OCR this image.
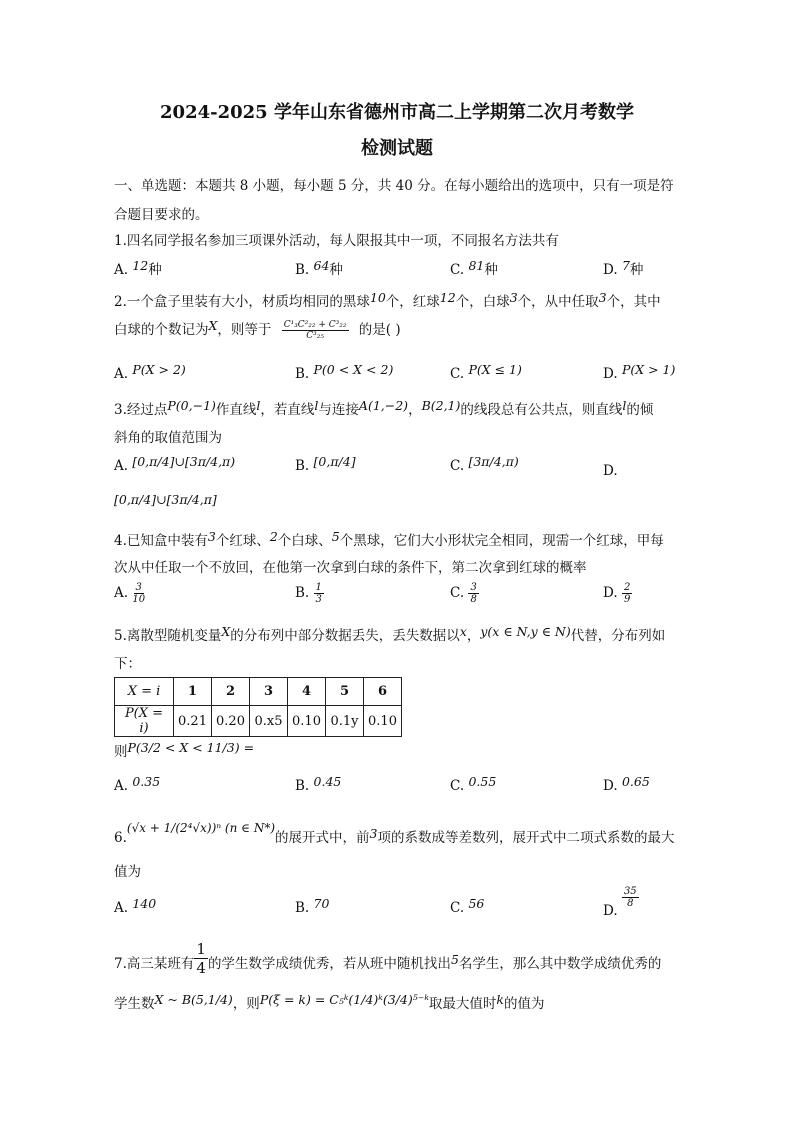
2024-2025 学年山东省德州市高二上学期第二次月考数学
检测试题
一、单选题：本题共 8 小题，每小题 5 分，共 40 分。在每小题给出的选项中，只有一项是符
合题目要求的。
1.四名同学报名参加三项课外活动，每人限报其中一项，不同报名方法共有
A. 12种	B. 64种	C. 81种	D. 7种
2.一个盒子里装有大小，材质均相同的黑球10个，红球12个，白球3个，从中任取3个，其中
白球的个数记为X，则等于 $\frac{\text{C¹₃C²₂₂ + C³₂₂}}{\text{C³₂₅}}$ 的是( )
A. P(X > 2)	B. P(0 < X < 2)	C. P(X ≤ 1)	D. P(X > 1)
3.经过点P(0,−1)作直线l，若直线l与连接A(1,−2)，B(2,1)的线段总有公共点，则直线l的倾
斜角的取值范围为
A. [0,π/4]∪[3π/4,π)	B. [0,π/4]	C. [3π/4,π)
D.
[0,π/4]∪[3π/4,π]
4.已知盒中装有3个红球、2个白球、5个黑球，它们大小形状完全相同，现需一个红球，甲每
次从中任取一个不放回，在他第一次拿到白球的条件下，第二次拿到红球的概率
A. $\frac{3}{10}$	B. $\frac{1}{3}$	C. $\frac{3}{8}$	D. $\frac{2}{9}$
5.离散型随机变量X的分布列中部分数据丢失，丢失数据以x，y(x ∈ N,y ∈ N)代替，分布列如
下：
X = i	1	2	3	4	5	6
P(X = i)	0.21	0.20	0.x5	0.10	0.1y	0.10
则P(3/2 < X < 11/3) =
A. 0.35	B. 0.45	C. 0.55	D. 0.65
6.(√x + 1/(2⁴√x))ⁿ (n ∈ N*)的展开式中，前3项的系数成等差数列，展开式中二项式系数的最大
值为
A. 140	B. 70	C. 56	D.
$\frac{35}{8}$
7.高三某班有 $\frac{1}{4}$ 的学生数学成绩优秀，若从班中随机找出5名学生，那么其中数学成绩优秀的
学生数X ~ B(5,1/4)，则P(ξ = k) = C₅ᵏ(1/4)ᵏ(3/4)⁵⁻ᵏ取最大值时k的值为
